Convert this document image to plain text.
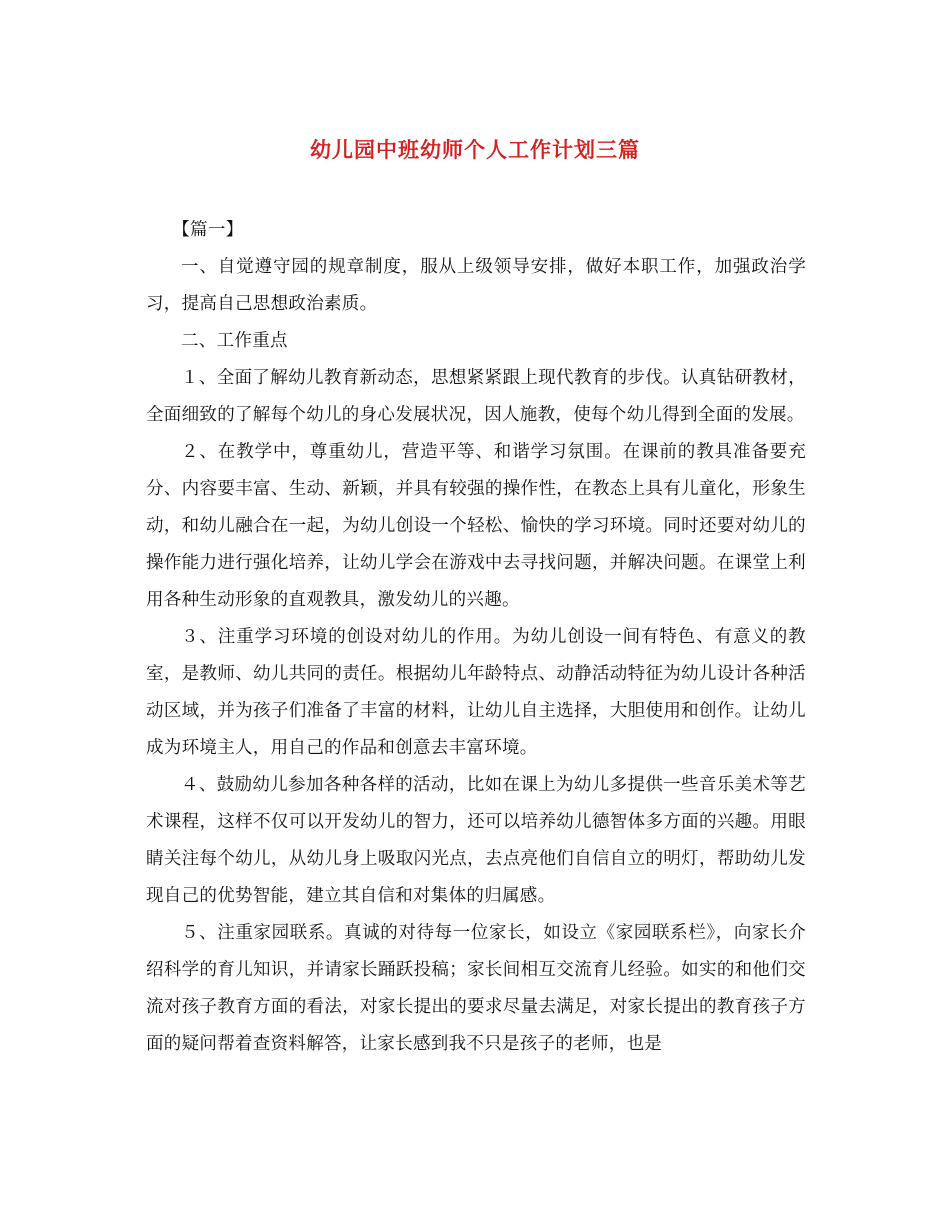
幼儿园中班幼师个人工作计划三篇

【篇一】

一、自觉遵守园的规章制度，服从上级领导安排，做好本职工作，加强政治学习，提高自己思想政治素质。

二、工作重点

１、全面了解幼儿教育新动态，思想紧紧跟上现代教育的步伐。认真钻研教材，全面细致的了解每个幼儿的身心发展状况，因人施教，使每个幼儿得到全面的发展。

２、在教学中，尊重幼儿，营造平等、和谐学习氛围。在课前的教具准备要充分、内容要丰富、生动、新颖，并具有较强的操作性，在教态上具有儿童化，形象生动，和幼儿融合在一起，为幼儿创设一个轻松、愉快的学习环境。同时还要对幼儿的操作能力进行强化培养，让幼儿学会在游戏中去寻找问题，并解决问题。在课堂上利用各种生动形象的直观教具，激发幼儿的兴趣。

３、注重学习环境的创设对幼儿的作用。为幼儿创设一间有特色、有意义的教室，是教师、幼儿共同的责任。根据幼儿年龄特点、动静活动特征为幼儿设计各种活动区域，并为孩子们准备了丰富的材料，让幼儿自主选择，大胆使用和创作。让幼儿成为环境主人，用自己的作品和创意去丰富环境。

４、鼓励幼儿参加各种各样的活动，比如在课上为幼儿多提供一些音乐美术等艺术课程，这样不仅可以开发幼儿的智力，还可以培养幼儿德智体多方面的兴趣。用眼睛关注每个幼儿，从幼儿身上吸取闪光点，去点亮他们自信自立的明灯，帮助幼儿发现自己的优势智能，建立其自信和对集体的归属感。

５、注重家园联系。真诚的对待每一位家长，如设立《家园联系栏》，向家长介绍科学的育儿知识，并请家长踊跃投稿；家长间相互交流育儿经验。如实的和他们交流对孩子教育方面的看法，对家长提出的要求尽量去满足，对家长提出的教育孩子方面的疑问帮着查资料解答，让家长感到我不只是孩子的老师，也是
